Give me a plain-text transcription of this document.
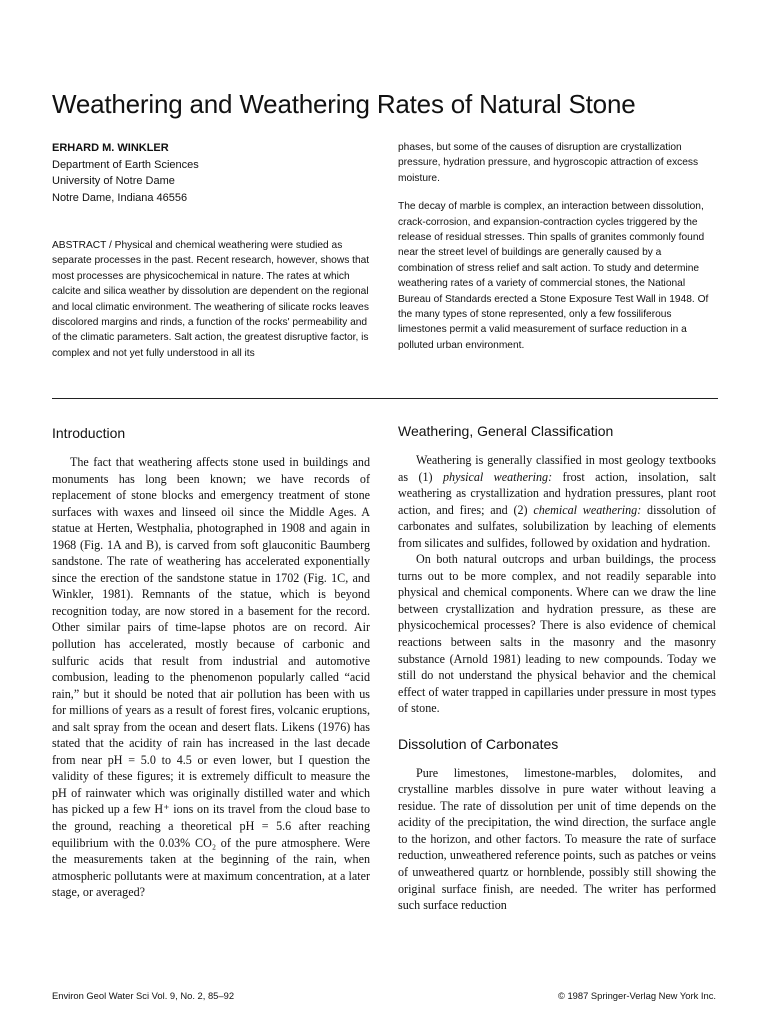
Weathering and Weathering Rates of Natural Stone
ERHARD M. WINKLER
Department of Earth Sciences
University of Notre Dame
Notre Dame, Indiana 46556

ABSTRACT / Physical and chemical weathering were studied as separate processes in the past. Recent research, however, shows that most processes are physicochemical in nature. The rates at which calcite and silica weather by dissolution are dependent on the regional and local climatic environment. The weathering of silicate rocks leaves discolored margins and rinds, a function of the rocks' permeability and of the climatic parameters. Salt action, the greatest disruptive factor, is complex and not yet fully understood in all its

phases, but some of the causes of disruption are crystallization pressure, hydration pressure, and hygroscopic attraction of excess moisture.

The decay of marble is complex, an interaction between dissolution, crack-corrosion, and expansion-contraction cycles triggered by the release of residual stresses. Thin spalls of granites commonly found near the street level of buildings are generally caused by a combination of stress relief and salt action. To study and determine weathering rates of a variety of commercial stones, the National Bureau of Standards erected a Stone Exposure Test Wall in 1948. Of the many types of stone represented, only a few fossiliferous limestones permit a valid measurement of surface reduction in a polluted urban environment.

Introduction

The fact that weathering affects stone used in buildings and monuments has long been known; we have records of replacement of stone blocks and emergency treatment of stone surfaces with waxes and linseed oil since the Middle Ages. A statue at Herten, Westphalia, photographed in 1908 and again in 1968 (Fig. 1A and B), is carved from soft glauconitic Baumberg sandstone. The rate of weathering has accelerated exponentially since the erection of the sandstone statue in 1702 (Fig. 1C, and Winkler, 1981). Remnants of the statue, which is beyond recognition today, are now stored in a basement for the record. Other similar pairs of time-lapse photos are on record. Air pollution has accelerated, mostly because of carbonic and sulfuric acids that result from industrial and automotive combusion, leading to the phenomenon popularly called “acid rain,” but it should be noted that air pollution has been with us for millions of years as a result of forest fires, volcanic eruptions, and salt spray from the ocean and desert flats. Likens (1976) has stated that the acidity of rain has increased in the last decade from near pH = 5.0 to 4.5 or even lower, but I question the validity of these figures; it is extremely difficult to measure the pH of rainwater which was originally distilled water and which has picked up a few H⁺ ions on its travel from the cloud base to the ground, reaching a theoretical pH = 5.6 after reaching equilibrium with the 0.03% CO₂ of the pure atmosphere. Were the measurements taken at the beginning of the rain, when atmospheric pollutants were at maximum concentration, at a later stage, or averaged?

Weathering, General Classification

Weathering is generally classified in most geology textbooks as (1) physical weathering: frost action, insolation, salt weathering as crystallization and hydration pressures, plant root action, and fires; and (2) chemical weathering: dissolution of carbonates and sulfates, solubilization by leaching of elements from silicates and sulfides, followed by oxidation and hydration.

On both natural outcrops and urban buildings, the process turns out to be more complex, and not readily separable into physical and chemical components. Where can we draw the line between crystallization and hydration pressure, as these are physicochemical processes? There is also evidence of chemical reactions between salts in the masonry and the masonry substance (Arnold 1981) leading to new compounds. Today we still do not understand the physical behavior and the chemical effect of water trapped in capillaries under pressure in most types of stone.

Dissolution of Carbonates

Pure limestones, limestone-marbles, dolomites, and crystalline marbles dissolve in pure water without leaving a residue. The rate of dissolution per unit of time depends on the acidity of the precipitation, the wind direction, the surface angle to the horizon, and other factors. To measure the rate of surface reduction, unweathered reference points, such as patches or veins of unweathered quartz or hornblende, possibly still showing the original surface finish, are needed. The writer has performed such surface reduction

Environ Geol Water Sci Vol. 9, No. 2, 85–92	© 1987 Springer-Verlag New York Inc.
